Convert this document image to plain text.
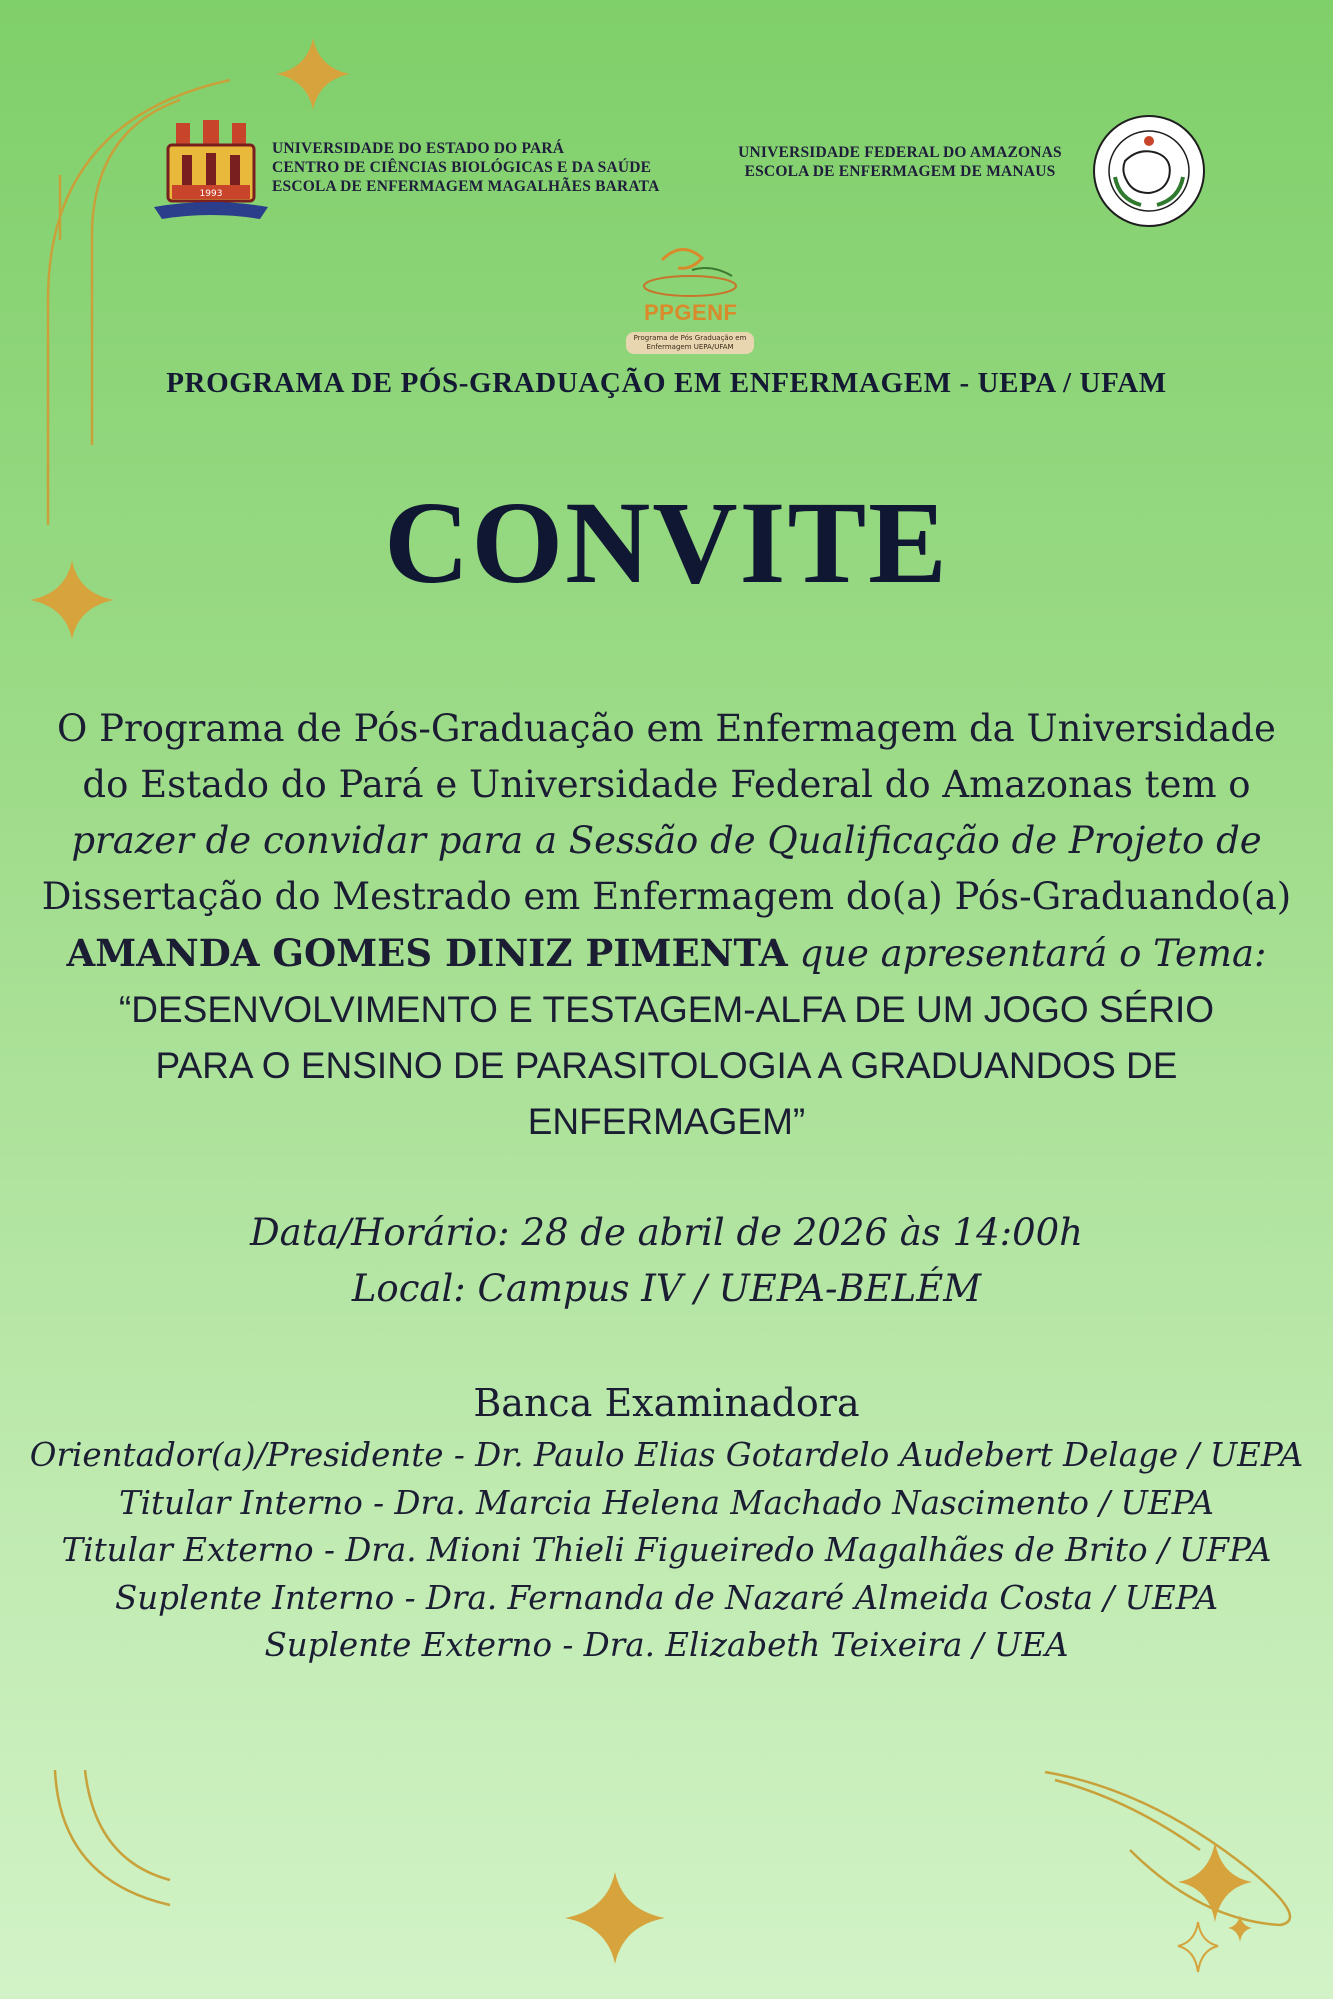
1993
UNIVERSIDADE DO ESTADO DO PARÁ
CENTRO DE CIÊNCIAS BIOLÓGICAS E DA SAÚDE
ESCOLA DE ENFERMAGEM MAGALHÃES BARATA
UNIVERSIDADE FEDERAL DO AMAZONAS
ESCOLA DE ENFERMAGEM DE MANAUS
PPGENF
Programa de Pós Graduação em
Enfermagem UEPA/UFAM
PROGRAMA DE PÓS-GRADUAÇÃO EM ENFERMAGEM - UEPA / UFAM
CONVITE
O Programa de Pós-Graduação em Enfermagem da Universidade
do Estado do Pará e Universidade Federal do Amazonas tem o
prazer de convidar para a Sessão de Qualificação de Projeto de
Dissertação do Mestrado em Enfermagem do(a) Pós-Graduando(a)
AMANDA GOMES DINIZ PIMENTA que apresentará o Tema:
“DESENVOLVIMENTO E TESTAGEM-ALFA DE UM JOGO SÉRIO
PARA O ENSINO DE PARASITOLOGIA A GRADUANDOS DE
ENFERMAGEM”
Data/Horário: 28 de abril de 2026 às 14:00h
Local: Campus IV / UEPA-BELÉM
Banca Examinadora
Orientador(a)/Presidente - Dr. Paulo Elias Gotardelo Audebert Delage / UEPA
Titular Interno - Dra. Marcia Helena Machado Nascimento / UEPA
Titular Externo - Dra. Mioni Thieli Figueiredo Magalhães de Brito / UFPA
Suplente Interno - Dra. Fernanda de Nazaré Almeida Costa / UEPA
Suplente Externo - Dra. Elizabeth Teixeira / UEA
